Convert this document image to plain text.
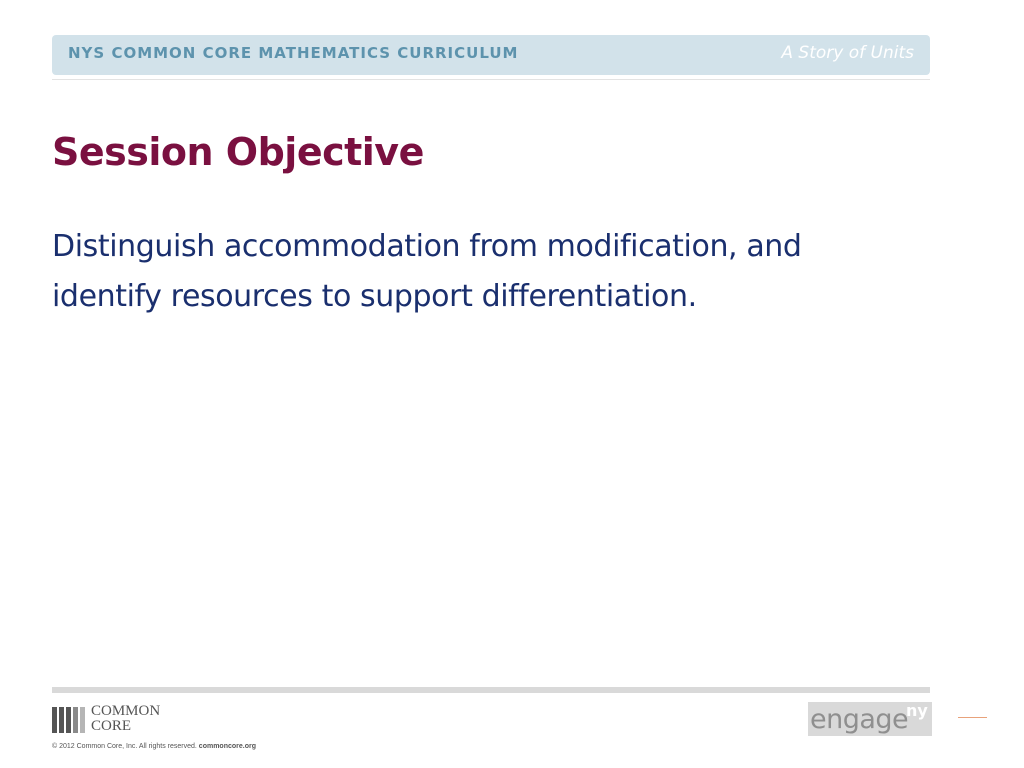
NYS COMMON CORE MATHEMATICS CURRICULUM	A Story of Units
Session Objective

Distinguish accommodation from modification, and identify resources to support differentiation.

COMMON
CORE
© 2012 Common Core, Inc. All rights reserved. commoncore.org
engage
ny
